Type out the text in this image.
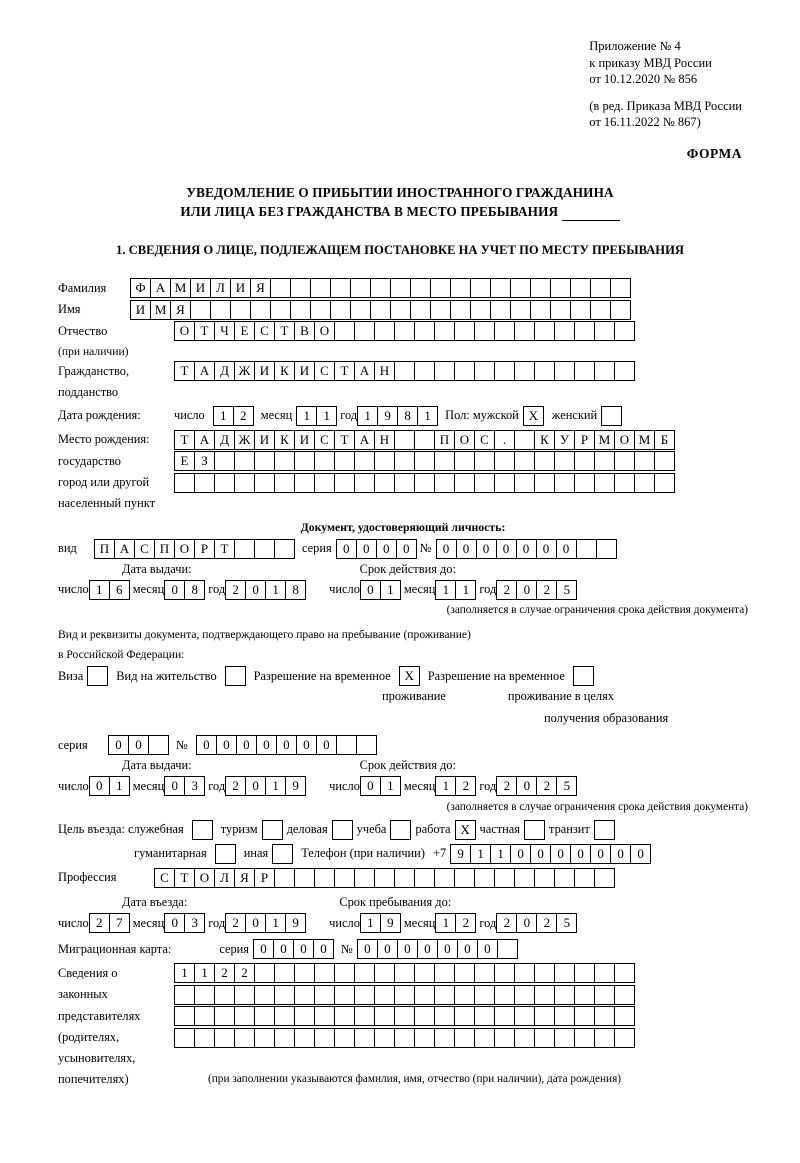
Приложение № 4
к приказу МВД России
от 10.12.2020 № 856
(в ред. Приказа МВД России
от 16.11.2022 № 867)
ФОРМА
УВЕДОМЛЕНИЕ О ПРИБЫТИИ ИНОСТРАННОГО ГРАЖДАНИНА
ИЛИ ЛИЦА БЕЗ ГРАЖДАНСТВА В МЕСТО ПРЕБЫВАНИЯ
1. СВЕДЕНИЯ О ЛИЦЕ, ПОДЛЕЖАЩЕМ ПОСТАНОВКЕ НА УЧЕТ ПО МЕСТУ ПРЕБЫВАНИЯ
Фамилия	Ф А М И Л И Я
Имя	И М Я
Отчество	О Т Ч Е С Т В О
(при наличии)
Гражданство,	Т А Д Ж И К И С Т А Н
подданство
Дата рождения:	число	1	2	месяц 1	1 год 1	9	8	1	Пол: мужской Х	женский
Место рождения:	Т А Д Ж И К И С Т А Н	П О С	.	К У Р М О М Б
государство	Е З
город или другой
населенный пункт
Документ, удостоверяющий личность:
вид	П А С П О Р Т	серия 0	0	0	0 № 0	0	0	0	0	0	0
Дата выдачи:	Срок действия до:
число 1	6 месяц 0	8 год 2	0	1	8	число 0	1 месяц 1	1 год 2	0	2	5
(заполняется в случае ограничения срока действия документа)
Вид и реквизиты документа, подтверждающего право на пребывание (проживание)
в Российской Федерации:
Виза	Вид на жительство	Разрешение на временное	Х	Разрешение на временное
проживание	проживание в целях
получения образования
серия	0	0	№	0	0	0	0	0	0	0
Дата выдачи:	Срок действия до:
число 0	1 месяц 0	3 год 2	0	1	9	число 0	1 месяц 1	2 год 2	0	2	5
(заполняется в случае ограничения срока действия документа)
Цель въезда: служебная	туризм деловая учеба работа Х частная транзит
гуманитарная	иная	Телефон (при наличии) +7 9	1	1	0	0	0	0	0	0	0
Профессия	С Т О Л Я Р
Дата въезда:	Срок пребывания до:
число 2	7 месяц 0	3 год 2	0	1	9	число 1	9 месяц 1	2 год 2	0	2	5
Миграционная карта:	серия 0	0	0	0	№ 0	0	0	0	0	0	0
Сведения о	1	1	2	2
законных
представителях
(родителях,
усыновителях,
попечителях)	(при заполнении указываются фамилия, имя, отчество (при наличии), дата рождения)
